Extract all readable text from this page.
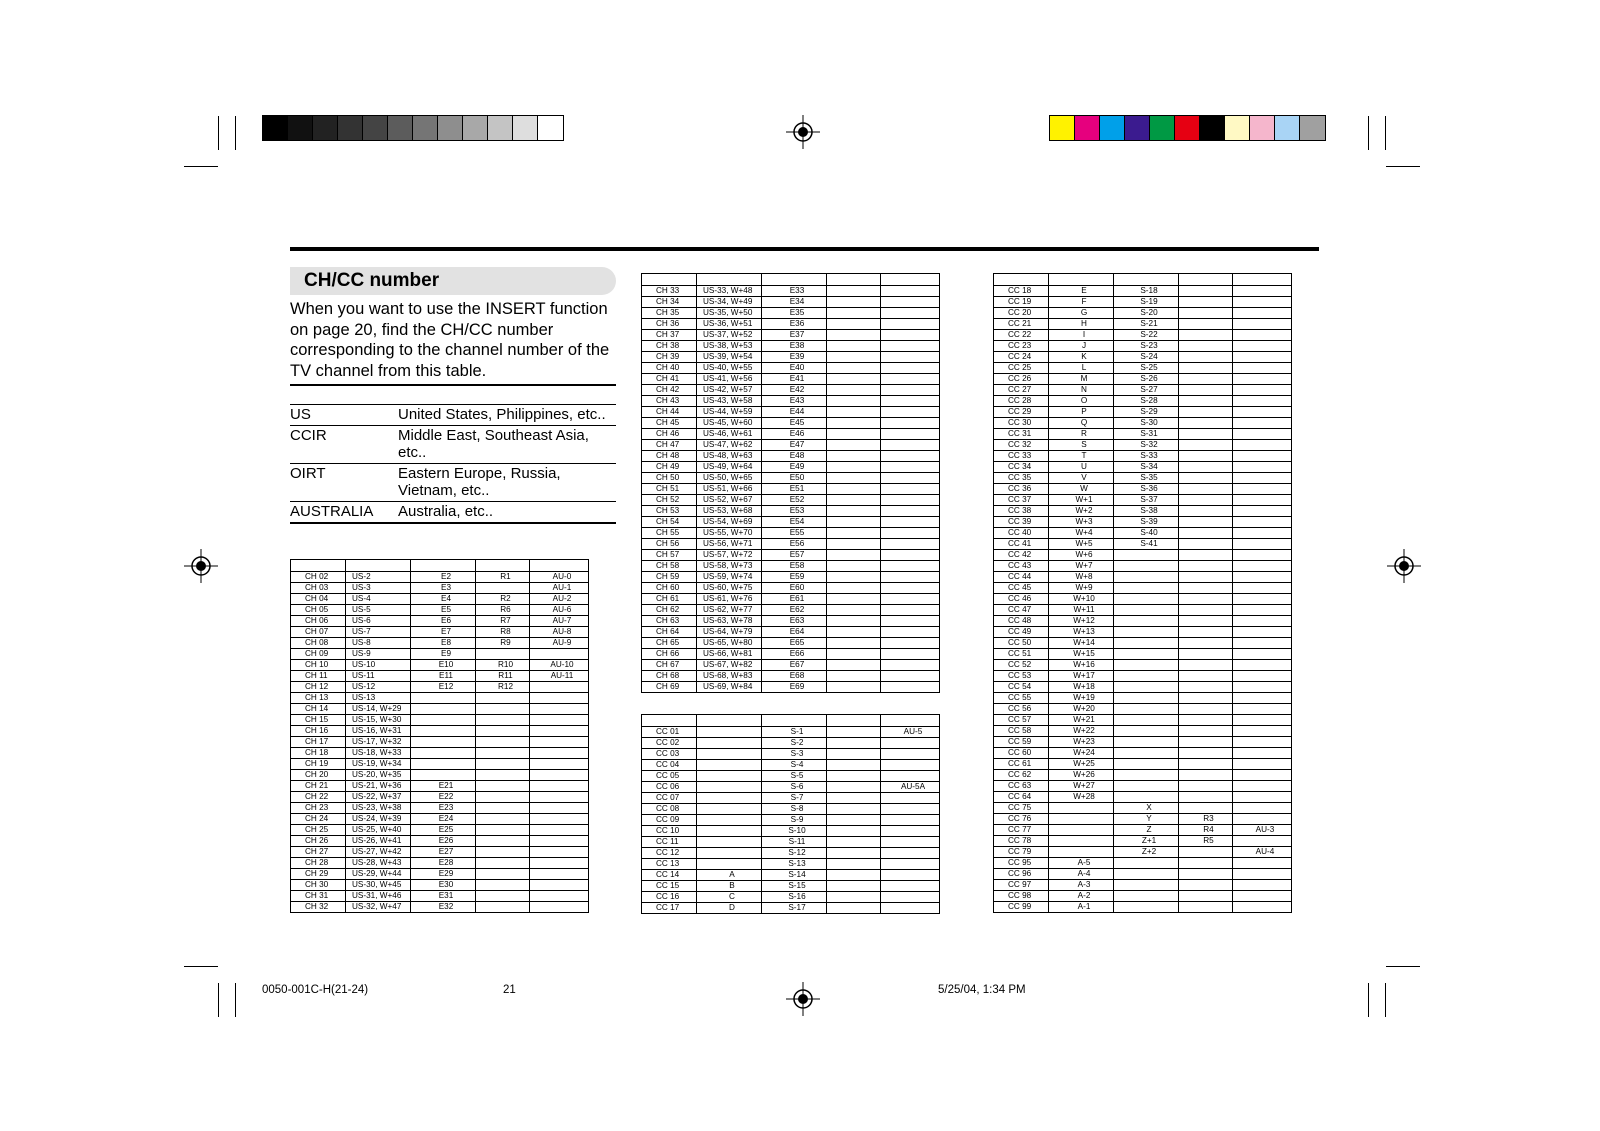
CH/CC number
When you want to use the INSERT function on page 20, find the CH/CC number corresponding to the channel number of the TV channel from this table.
US	United States, Philippines, etc..
CCIR	Middle East, Southeast Asia, etc..
OIRT	Eastern Europe, Russia, Vietnam, etc..
AUSTRALIA	Australia, etc..

CH 02	US-2	E2	R1	AU-0
CH 03	US-3	E3		AU-1
CH 04	US-4	E4	R2	AU-2
CH 05	US-5	E5	R6	AU-6
CH 06	US-6	E6	R7	AU-7
CH 07	US-7	E7	R8	AU-8
CH 08	US-8	E8	R9	AU-9
CH 09	US-9	E9		
CH 10	US-10	E10	R10	AU-10
CH 11	US-11	E11	R11	AU-11
CH 12	US-12	E12	R12	
CH 13	US-13			
CH 14	US-14, W+29			
CH 15	US-15, W+30			
CH 16	US-16, W+31			
CH 17	US-17, W+32			
CH 18	US-18, W+33			
CH 19	US-19, W+34			
CH 20	US-20, W+35			
CH 21	US-21, W+36	E21		
CH 22	US-22, W+37	E22		
CH 23	US-23, W+38	E23		
CH 24	US-24, W+39	E24		
CH 25	US-25, W+40	E25		
CH 26	US-26, W+41	E26		
CH 27	US-27, W+42	E27		
CH 28	US-28, W+43	E28		
CH 29	US-29, W+44	E29		
CH 30	US-30, W+45	E30		
CH 31	US-31, W+46	E31		
CH 32	US-32, W+47	E32		

CH 33	US-33, W+48	E33		
CH 34	US-34, W+49	E34		
CH 35	US-35, W+50	E35		
CH 36	US-36, W+51	E36		
CH 37	US-37, W+52	E37		
CH 38	US-38, W+53	E38		
CH 39	US-39, W+54	E39		
CH 40	US-40, W+55	E40		
CH 41	US-41, W+56	E41		
CH 42	US-42, W+57	E42		
CH 43	US-43, W+58	E43		
CH 44	US-44, W+59	E44		
CH 45	US-45, W+60	E45		
CH 46	US-46, W+61	E46		
CH 47	US-47, W+62	E47		
CH 48	US-48, W+63	E48		
CH 49	US-49, W+64	E49		
CH 50	US-50, W+65	E50		
CH 51	US-51, W+66	E51		
CH 52	US-52, W+67	E52		
CH 53	US-53, W+68	E53		
CH 54	US-54, W+69	E54		
CH 55	US-55, W+70	E55		
CH 56	US-56, W+71	E56		
CH 57	US-57, W+72	E57		
CH 58	US-58, W+73	E58		
CH 59	US-59, W+74	E59		
CH 60	US-60, W+75	E60		
CH 61	US-61, W+76	E61		
CH 62	US-62, W+77	E62		
CH 63	US-63, W+78	E63		
CH 64	US-64, W+79	E64		
CH 65	US-65, W+80	E65		
CH 66	US-66, W+81	E66		
CH 67	US-67, W+82	E67		
CH 68	US-68, W+83	E68		
CH 69	US-69, W+84	E69		

CC 01		S-1		AU-5
CC 02		S-2		
CC 03		S-3		
CC 04		S-4		
CC 05		S-5		
CC 06		S-6		AU-5A
CC 07		S-7		
CC 08		S-8		
CC 09		S-9		
CC 10		S-10		
CC 11		S-11		
CC 12		S-12		
CC 13		S-13		
CC 14	A	S-14		
CC 15	B	S-15		
CC 16	C	S-16		
CC 17	D	S-17		

CC 18	E	S-18		
CC 19	F	S-19		
CC 20	G	S-20		
CC 21	H	S-21		
CC 22	I	S-22		
CC 23	J	S-23		
CC 24	K	S-24		
CC 25	L	S-25		
CC 26	M	S-26		
CC 27	N	S-27		
CC 28	O	S-28		
CC 29	P	S-29		
CC 30	Q	S-30		
CC 31	R	S-31		
CC 32	S	S-32		
CC 33	T	S-33		
CC 34	U	S-34		
CC 35	V	S-35		
CC 36	W	S-36		
CC 37	W+1	S-37		
CC 38	W+2	S-38		
CC 39	W+3	S-39		
CC 40	W+4	S-40		
CC 41	W+5	S-41		
CC 42	W+6			
CC 43	W+7			
CC 44	W+8			
CC 45	W+9			
CC 46	W+10			
CC 47	W+11			
CC 48	W+12			
CC 49	W+13			
CC 50	W+14			
CC 51	W+15			
CC 52	W+16			
CC 53	W+17			
CC 54	W+18			
CC 55	W+19			
CC 56	W+20			
CC 57	W+21			
CC 58	W+22			
CC 59	W+23			
CC 60	W+24			
CC 61	W+25			
CC 62	W+26			
CC 63	W+27			
CC 64	W+28			
CC 75		X		
CC 76		Y	R3	
CC 77		Z	R4	AU-3
CC 78		Z+1	R5	
CC 79		Z+2		AU-4
CC 95	A-5			
CC 96	A-4			
CC 97	A-3			
CC 98	A-2			
CC 99	A-1			
0050-001C-H(21-24)	21	5/25/04, 1:34 PM
